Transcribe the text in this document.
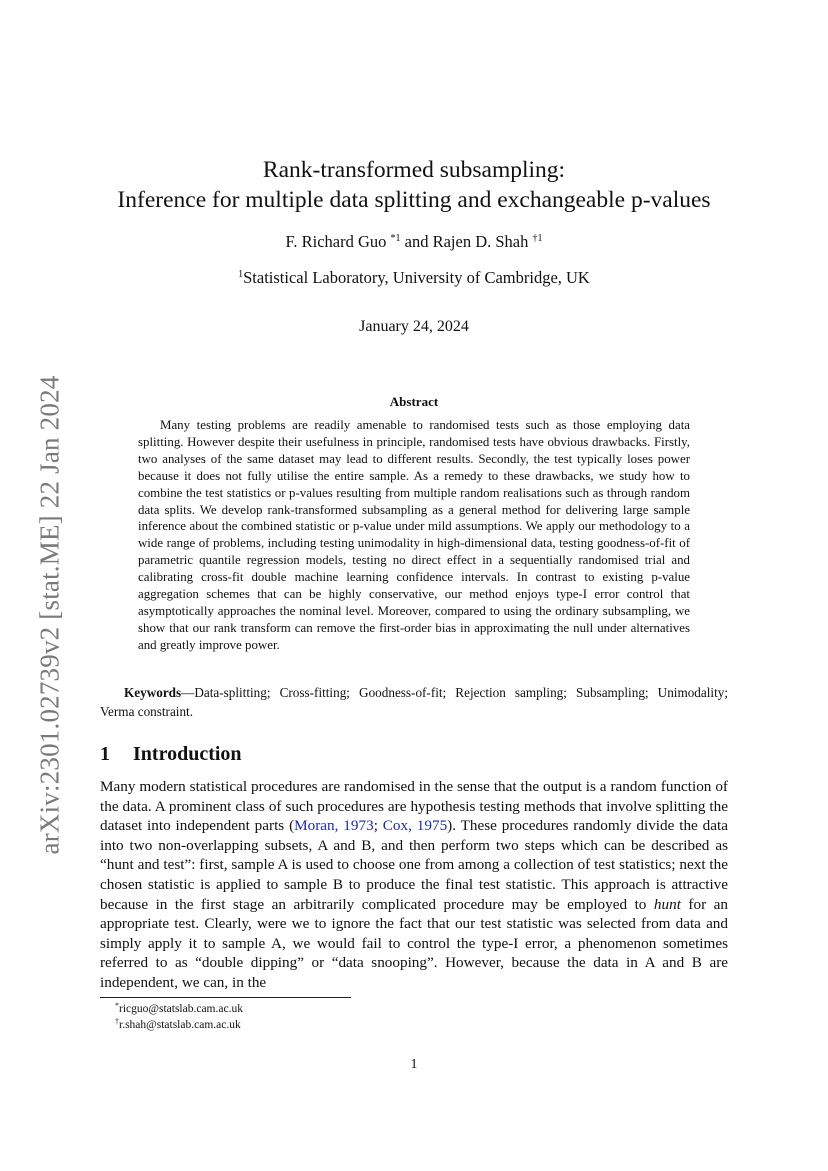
arXiv:2301.02739v2 [stat.ME] 22 Jan 2024
Rank-transformed subsampling:
Inference for multiple data splitting and exchangeable p-values
F. Richard Guo $^{*1}$ and Rajen D. Shah $^{\dagger 1}$
$^1$Statistical Laboratory, University of Cambridge, UK
January 24, 2024
Abstract
Many testing problems are readily amenable to randomised tests such as those employing data splitting. However despite their usefulness in principle, randomised tests have obvious drawbacks. Firstly, two analyses of the same dataset may lead to different results. Secondly, the test typically loses power because it does not fully utilise the entire sample. As a remedy to these drawbacks, we study how to combine the test statistics or p-values resulting from multiple random realisations such as through random data splits. We develop rank-transformed subsampling as a general method for delivering large sample inference about the combined statistic or p-value under mild assumptions. We apply our methodology to a wide range of problems, including testing unimodality in high-dimensional data, testing goodness-of-fit of parametric quantile regression models, testing no direct effect in a sequentially randomised trial and calibrating cross-fit double machine learning confidence intervals. In contrast to existing p-value aggregation schemes that can be highly conservative, our method enjoys type-I error control that asymptotically approaches the nominal level. Moreover, compared to using the ordinary subsampling, we show that our rank transform can remove the first-order bias in approximating the null under alternatives and greatly improve power.
Keywords—Data-splitting; Cross-fitting; Goodness-of-fit; Rejection sampling; Subsampling; Unimodality; Verma constraint.
1 Introduction
Many modern statistical procedures are randomised in the sense that the output is a random function of the data. A prominent class of such procedures are hypothesis testing methods that involve splitting the dataset into independent parts (Moran, 1973; Cox, 1975). These procedures randomly divide the data into two non-overlapping subsets, A and B, and then perform two steps which can be described as “hunt and test”: first, sample A is used to choose one from among a collection of test statistics; next the chosen statistic is applied to sample B to produce the final test statistic. This approach is attractive because in the first stage an arbitrarily complicated procedure may be employed to hunt for an appropriate test. Clearly, were we to ignore the fact that our test statistic was selected from data and simply apply it to sample A, we would fail to control the type-I error, a phenomenon sometimes referred to as “double dipping” or “data snooping”. However, because the data in A and B are independent, we can, in the
*ricguo@statslab.cam.ac.uk
†r.shah@statslab.cam.ac.uk
1
